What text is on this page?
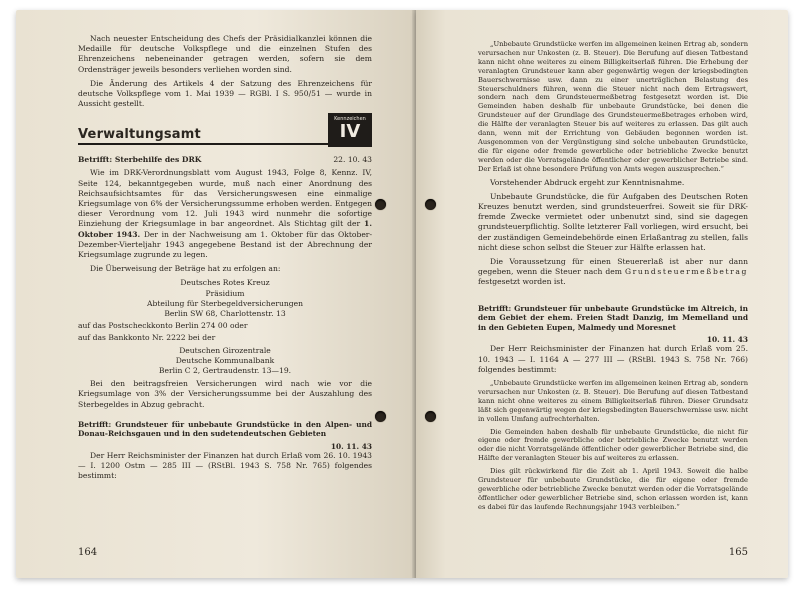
Nach neuester Entscheidung des Chefs der Präsidialkanzlei können die Medaille für deutsche Volkspflege und die einzelnen Stufen des Ehrenzeichens nebeneinander getragen werden, sofern sie dem Ordensträger jeweils besonders verliehen worden sind.

Die Änderung des Artikels 4 der Satzung des Ehrenzeichens für deutsche Volkspflege vom 1. Mai 1939 — RGBl. I S. 950/51 — wurde in Aussicht gestellt.

Verwaltungsamt
Kennzeichen
IV
Betrifft: Sterbehilfe des DRK	22. 10. 43

Wie im DRK-Verordnungsblatt vom August 1943, Folge 8, Kennz. IV, Seite 124, bekanntgegeben wurde, muß nach einer Anordnung des Reichsaufsichtsamtes für das Versicherungswesen eine einmalige Kriegsumlage von 6% der Versicherungssumme erhoben werden. Entgegen dieser Verordnung vom 12. Juli 1943 wird nunmehr die sofortige Einziehung der Kriegsumlage in bar angeordnet. Als Stichtag gilt der 1. Oktober 1943. Der in der Nachweisung am 1. Oktober für das Oktober-Dezember-Vierteljahr 1943 angegebene Bestand ist der Abrechnung der Kriegsumlage zugrunde zu legen.

Die Überweisung der Beträge hat zu erfolgen an:

Deutsches Rotes Kreuz
Präsidium
Abteilung für Sterbegeldversicherungen
Berlin SW 68, Charlottenstr. 13

auf das Postscheckkonto Berlin 274 00 oder

auf das Bankkonto Nr. 2222 bei der

Deutschen Girozentrale
Deutsche Kommunalbank
Berlin C 2, Gertraudenstr. 13—19.

Bei den beitragsfreien Versicherungen wird nach wie vor die Kriegsumlage von 3% der Versicherungssumme bei der Auszahlung des Sterbegeldes in Abzug gebracht.

Betrifft: Grundsteuer für unbebaute Grundstücke in den Alpen- und Donau-Reichsgauen und in den sudetendeutschen Gebieten
10. 11. 43

Der Herr Reichsminister der Finanzen hat durch Erlaß vom 26. 10. 1943 — I. 1200 Ostm — 285 III — (RStBl. 1943 S. 758 Nr. 765) folgendes bestimmt:

164

„Unbebaute Grundstücke werfen im allgemeinen keinen Ertrag ab, sondern verursachen nur Unkosten (z. B. Steuer). Die Berufung auf diesen Tatbestand kann nicht ohne weiteres zu einem Billigkeitserlaß führen. Die Erhebung der veranlagten Grundsteuer kann aber gegenwärtig wegen der kriegsbedingten Bauerschwernisse usw. dann zu einer unerträglichen Belastung des Steuerschuldners führen, wenn die Steuer nicht nach dem Ertragswert, sondern nach dem Grundsteuermeßbetrag festgesetzt worden ist. Die Gemeinden haben deshalb für unbebaute Grundstücke, bei denen die Grundsteuer auf der Grundlage des Grundsteuermeßbetrages erhoben wird, die Hälfte der veranlagten Steuer bis auf weiteres zu erlassen. Das gilt auch dann, wenn mit der Errichtung von Gebäuden begonnen worden ist. Ausgenommen von der Vergünstigung sind solche unbebauten Grundstücke, die für eigene oder fremde gewerbliche oder betriebliche Zwecke benutzt werden oder die Vorratsgelände öffentlicher oder gewerblicher Betriebe sind. Der Erlaß ist ohne besondere Prüfung von Amts wegen auszusprechen.“

Vorstehender Abdruck ergeht zur Kenntnisnahme.

Unbebaute Grundstücke, die für Aufgaben des Deutschen Roten Kreuzes benutzt werden, sind grundsteuerfrei. Soweit sie für DRK-fremde Zwecke vermietet oder unbenutzt sind, sind sie dagegen grundsteuerpflichtig. Sollte letzterer Fall vorliegen, wird ersucht, bei der zuständigen Gemeindebehörde einen Erlaßantrag zu stellen, falls nicht diese schon selbst die Steuer zur Hälfte erlassen hat.

Die Voraussetzung für einen Steuererlaß ist aber nur dann gegeben, wenn die Steuer nach dem Grundsteuermeßbetrag festgesetzt worden ist.

Betrifft: Grundsteuer für unbebaute Grundstücke im Altreich, in dem Gebiet der ehem. Freien Stadt Danzig, im Memelland und in den Gebieten Eupen, Malmedy und Moresnet
10. 11. 43

Der Herr Reichsminister der Finanzen hat durch Erlaß vom 25. 10. 1943 — I. 1164 A — 277 III — (RStBl. 1943 S. 758 Nr. 766) folgendes bestimmt:

„Unbebaute Grundstücke werfen im allgemeinen keinen Ertrag ab, sondern verursachen nur Unkosten (z. B. Steuer). Die Berufung auf diesen Tatbestand kann nicht ohne weiteres zu einem Billigkeitserlaß führen. Dieser Grundsatz läßt sich gegenwärtig wegen der kriegsbedingten Bauerschwernisse usw. nicht in vollem Umfang aufrechterhalten.

Die Gemeinden haben deshalb für unbebaute Grundstücke, die nicht für eigene oder fremde gewerbliche oder betriebliche Zwecke benutzt werden oder die nicht Vorratsgelände öffentlicher oder gewerblicher Betriebe sind, die Hälfte der veranlagten Steuer bis auf weiteres zu erlassen.

Dies gilt rückwirkend für die Zeit ab 1. April 1943. Soweit die halbe Grundsteuer für unbebaute Grundstücke, die für eigene oder fremde gewerbliche oder betriebliche Zwecke benutzt werden oder die Vorratsgelände öffentlicher oder gewerblicher Betriebe sind, schon erlassen worden ist, kann es dabei für das laufende Rechnungsjahr 1943 verbleiben.“

165
